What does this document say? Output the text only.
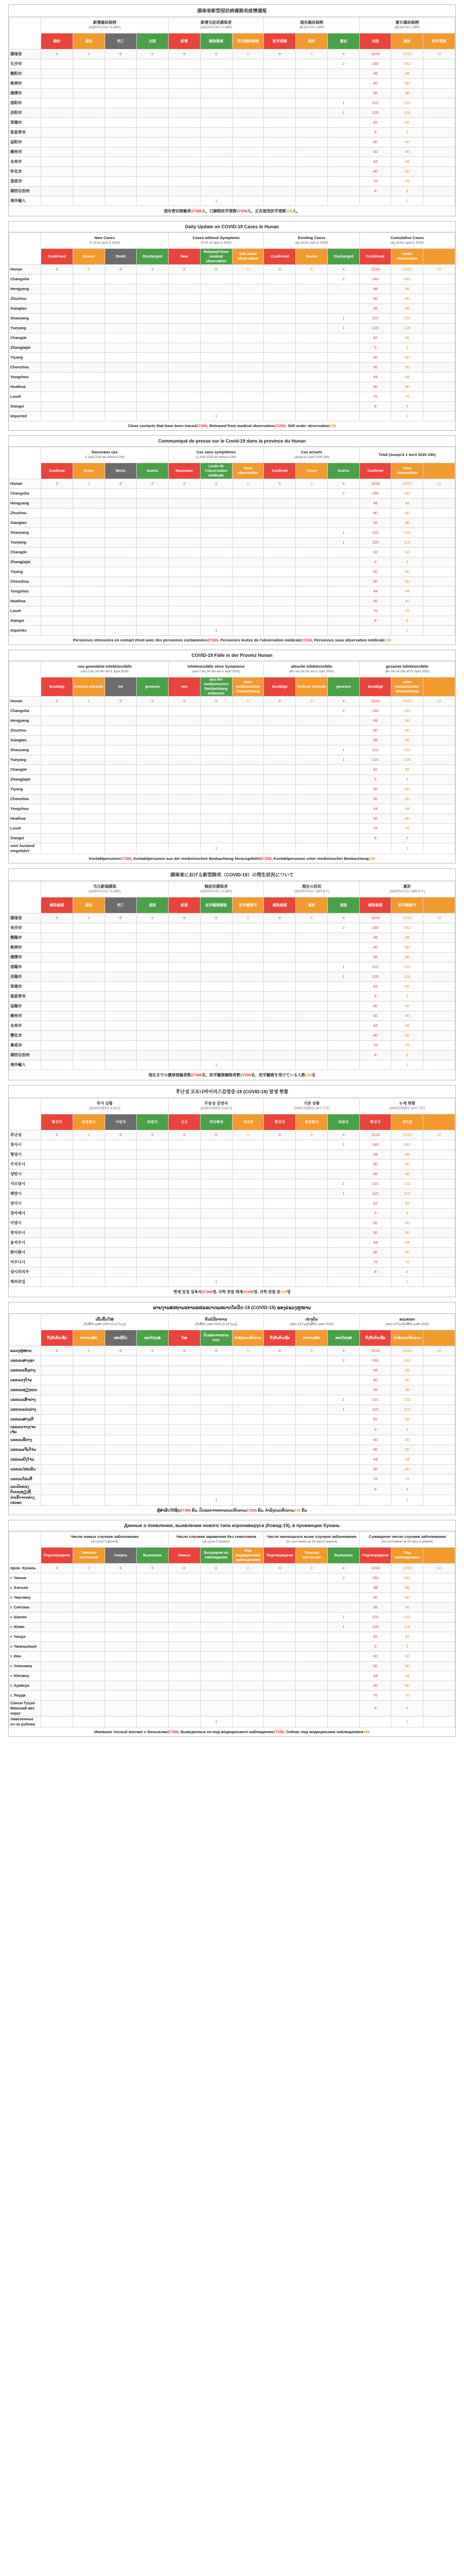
湖南省新型冠状病毒肺炎疫情通报
	新增确诊病例
(2020年4月4日 0-24时)				新增无症状感染者
(2020年4月4日 0-24时)			现有确诊病例
(截至4月4日 24时)			累计确诊病例
(截至4月4日 24时)		

	确诊	重症	死亡	出院	新增	解除隔离	转为确诊病例	医学观察	确诊	重症	出院	确诊	医学观察
湖南省	0	0	0	0	0	0	0	0	0	4	1014	1015	12
长沙市										2	240	242	
衡阳市											48	48	
株洲市											80	80	
湘潭市											36	36	
邵阳市										1	101	102	
岳阳市										1	115	116	
常德市											82	82	
张家界市											3	3	
益阳市											60	60	
郴州市											50	50	
永州市											44	44	
怀化市											40	40	
娄底市											76	76	
湘西自治州											8	8	
境外输入						1						1	
现有密切接触者27386人，已解除医学观察27256人，正在接受医学观察130人。
Daily Update on COVID-19 Cases in Hunan
	New Cases
(0-24 on April 4, 2020)				Cases without Symptoms
(0-24 on April 4, 2020)			Existing Cases
(by 24:00, April 4, 2020)			Cumulative Cases
(by 24:00, April 4, 2020)		

	Confirmed	Severe	Death	Discharged	New	Released from medical observation	Still under observation	Confirmed	Severe	Discharged	Confirmed	Under observation	
Hunan	0	0	0	0	0	0	0	0	0	4	1014	1015	12
Changsha										2	240	242	
Hengyang											48	48	
Zhuzhou											80	80	
Xiangtan											36	36	
Shaoyang										1	101	102	
Yueyang										1	115	116	
Changde											82	82	
Zhangjiajie											3	3	
Yiyang											60	60	
Chenzhou											50	50	
Yongzhou											44	44	
Huaihua											40	40	
Loudi											76	76	
Xiangxi											8	8	
Imported						1						1	
Close contacts that have been traced27386; Released from medical observation27256; Still under observation130
Communiqué de presse sur le Covid-19 dans la province du Hunan
	Nouveaux cas
(1 Avril 2020 de minuit à 24h)				Cas sans symptômes
(1 Avril 2020 de minuit à 24h)			Cas actuels
(Jusqu'à 1 Avril 2020 24h)			Total (Jusqu'à 1 Avril 2020 24h)		

	Confirmé	Grave	Morts	Guéris	Nouveaux	Levée de l'observation médicale	Sous observation	Confirmé	Grave	Guéris	Confirmé	Sous observation	
Hunan	0	0	0	0	0	0	0	0	0	4	1014	1015	12
Changsha										2	240	242	
Hengyang											48	48	
Zhuzhou											80	80	
Xiangtan											36	36	
Shaoyang										1	101	102	
Yueyang										1	115	116	
Changde											82	82	
Zhangjiajie											3	3	
Yiyang											60	60	
Chenzhou											50	50	
Yongzhou											44	44	
Huaihua											40	40	
Loudi											76	76	
Xiangxi											8	8	
Importés						1						1	
Personnes retrouvées en contact étroit avec des personnes contaminées27386, Personnes levées de l'observation médicale27256, Personnes sous observation médicale130
COVID-19 Fälle in der Provinz Hunan
	neu gemeldete Infektionsfälle
(von 0 bis 24 Uhr am 5. April 2020)				Infektionsfälle ohne Symptome
(von 0 bis 24 Uhr am 5. April 2020)			aktuelle Infektionsfälle
(bis um 24 Uhr am 5. April 2020)			gesamte Infektionsfälle
(bis um 24 Uhr am 5. April 2020)		

	bestätigt	Kritisch erkrankt	tot	genesen	neu	aus der medizinischen Beobachtung entlassen	unter medizinischer Beobachtung	bestätigt	Kritisch erkrankt	genesen	bestätigt	unter medizinischer Beobachtung	
Hunan	0	0	0	0	0	0	0	0	0	4	1014	1015	12
Changsha										2	240	242	
Hengyang											48	48	
Zhuzhou											80	80	
Xiangtan											36	36	
Shaoyang										1	101	102	
Yueyang										1	115	116	
Changde											82	82	
Zhangjiajie											3	3	
Yiyang											60	60	
Chenzhou											50	50	
Yongzhou											44	44	
Huaihua											40	40	
Loudi											76	76	
Xiangxi											8	8	
vom Ausland eingeführt						1						1	
Kontaktpersonen27386, Kontaktpersonen aus der medizinischen Beobachtung herausgeführt27256, Kontaktpersonen unter medizinischer Beobachtung130
湖南省における新型肺炎（COVID-19）の発生状況について
	当日新規感染
(2020年4月5日 0-24時)				無症状感染者
(2020年4月5日 0-24時)			現在の状況
(2020年4月5日 24時まで)			累計
(2020年4月5日 24時まで)		

	感染確認	重症	死亡	退院	新規	医学観察解除	医学観察中	感染確認	重症	退院	感染確認	医学観察中	
湖南省	0	0	0	0	0	0	0	0	0	4	1014	1015	12
長沙市										2	240	242	
衡陽市											48	48	
株洲市											80	80	
湘潭市											36	36	
邵陽市										1	101	102	
岳陽市										1	115	116	
常徳市											82	82	
張家界市											3	3	
益陽市											60	60	
郴州市											50	50	
永州市											44	44	
懐化市											40	40	
婁底市											76	76	
湘西自治州											8	8	
境外輸入						1						1	
現在までの濃厚接触者数27386名、医学観察解除者数27256名、医学観察を受けている人数130名
후난성 코로나바이러스감염증-19 (COVID-19) 발생 현황
	추가 상황
(2020년4월5일 0-24시)				무증상 감염자
(2020년4월5일 0-24시)			기존 상황
(2020년4월5일 24시 기준)			누계 현황
(2020년4월5일 24시 기준)		

	확진자	중증환자	사망자	퇴원자	신규	격리해제	격리중	확진자	중증환자	퇴원자	확진자	격리중	
후난성	0	0	0	0	0	0	0	0	0	4	1014	1015	12
창사시										2	240	242	
형양시											48	48	
주저우시											80	80	
샹탄시											36	36	
샤오양시										1	101	102	
웨양시										1	115	116	
창더시											82	82	
장자제시											3	3	
이양시											60	60	
천저우시											50	50	
융저우시											44	44	
화이화시											40	40	
러우디시											76	76	
샹시자치주											8	8	
해외유입						1						1	
현재 밀접 접촉자27386명, 의학 관찰 해제27256명, 의학 관찰 중130명
ລາຍງານສະຖານະການແຜ່ລະບາດພະຍາດໂຄວິດ-19 (COVID-19) ຂອງແຂວງຫູໜານ
	ເພີ່ມຂຶ້ນໃໝ່
(ວັນທີ05 ເມສາ 2020 (0-24 ໂມງ))				ຄົນບໍ່ມີອາການ
(ວັນທີ05 ເມສາ 2020 (0-24 ໂມງ))			ປະຈຸບັນ
(ຮອດ 24 ໂມງວັນທີ05 ເມສາ 2020)			ລວມຍອດ
(ຮອດ 24 ໂມງວັນທີ05 ເມສາ 2020)		

	ຢັ້ງຢືນຕິດເຊື້ອ	ອາການໜັກ	ເສຍຊີວິດ	ອອກໂຮງໝໍ	ໃໝ່	ປົດອອກຈາກການກວດ	ກຳລັງກວດຕິດຕາມ	ຢັ້ງຢືນຕິດເຊື້ອ	ອາການໜັກ	ອອກໂຮງໝໍ	ຢັ້ງຢືນຕິດເຊື້ອ	ກຳລັງກວດຕິດຕາມ	
ແຂວງຫູໜານ	0	0	0	0	0	0	0	0	0	4	1014	1015	12
ນະຄອນສາງຊາ										2	240	242	
ນະຄອນເຮິງຢາງ											48	48	
ນະຄອນຈູໂຈ່ວ											80	80	
ນະຄອນຊຽງຖານ											36	36	
ນະຄອນເສົາຢາງ										1	101	102	
ນະຄອນເຢວຢາງ										1	115	116	
ນະຄອນສາງເຕີ											82	82	
ນະຄອນຈາງເຈຍເຈ້ຍ											3	3	
ນະຄອນອີ້ຢາງ											60	60	
ນະຄອນເຈິນໂຈ່ວ											50	50	
ນະຄອນຢົງໂຈ່ວ											44	44	
ນະຄອນໄຫວຮົວ											40	40	
ນະຄອນໂລ່ວຕີ້											76	76	
ເຂດປົກຄອງຕົນເອງຊຽງຊີ											8	8	
ນຳເຂົ້າຈາກຕ່າງປະເທດ						1						1	
ຜູ້ສຳຜັດໃກ້ຊິດ27386 ຄົນ, ປົດອອກຈາກການກວດຕິດຕາມ27256 ຄົນ, ກຳລັງກວດຕິດຕາມ130 ຄົນ
Данные о появлении, выявлении нового типа коронавируса (Ковид-19), в провинции Хунань
	Число новых случаев заболевания
(за сутки 5 апреля)				Число случаев заражения без симптомов
(за сутки 5 апреля)			Число имеющихся ныне случаев заболевания
(по состоянию на 24 часа 5 апреля)			Суммарное число случаев заболевания
(по состоянию на 24 часа 5 апреля)		

	Подтверждено	Тяжелое состояние	Смерть	Выписано	Новых	Выпущено из наблюдения	Под медицинским наблюдением	Подтверждено	Тяжелое состояние	Выписано	Подтверждено	Под наблюдением	
пров. Хунань	0	0	0	0	0	0	0	0	0	4	1014	1015	12
г. Чанша										2	240	242	
г. Хэнъян											48	48	
г. Чжучжоу											80	80	
г. Сянтань											36	36	
г. Шаоян										1	101	102	
г. Юэян										1	115	116	
г. Чандэ											82	82	
г. Чжанцзяцзе											3	3	
г. Иян											60	60	
г. Чэньчжоу											50	50	
г. Юнчжоу											44	44	
г. Хуайхуа											40	40	
г. Лоуди											76	76	
Сянси-Туцзя-Мяоский авт. округ											8	8	
Завезенные из-за рубежа						1						1	
Имевших тесный контакт с больными27386, Выведенных из-под медицинского наблюдения27256, Сейчас под медицинским наблюдением130
